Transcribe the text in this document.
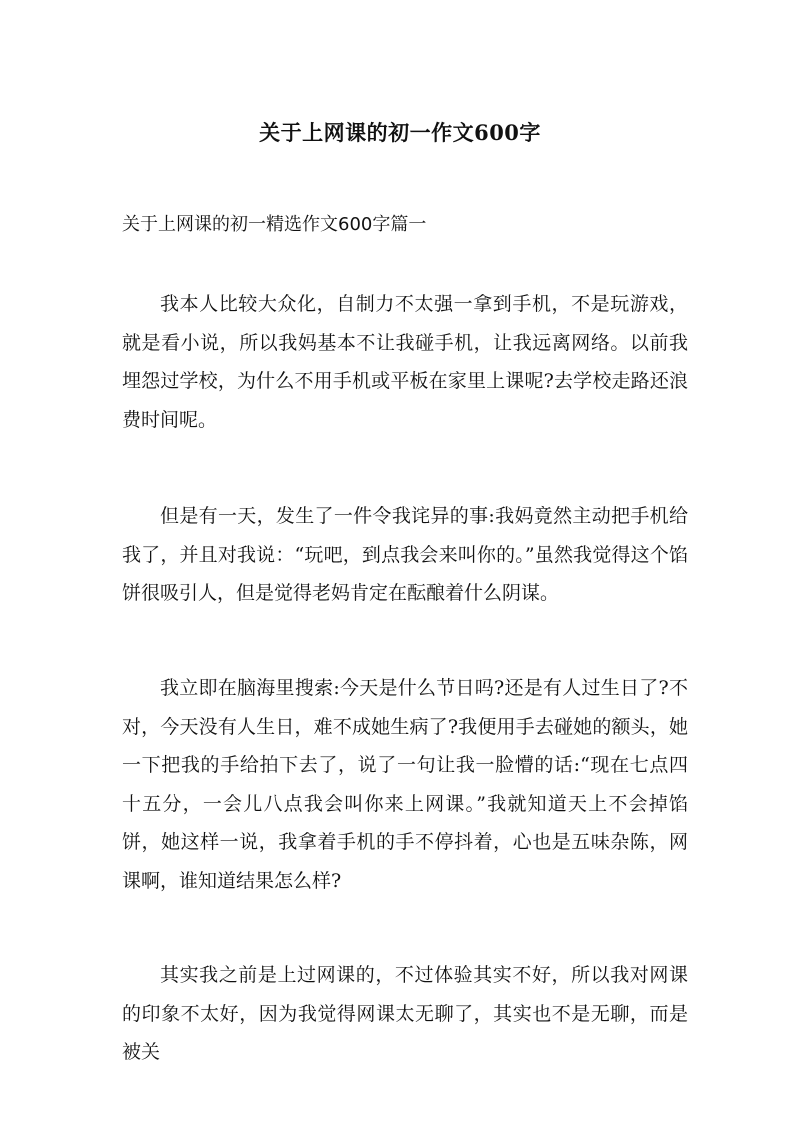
关于上网课的初一作文600字
关于上网课的初一精选作文600字篇一

我本人比较大众化，自制力不太强一拿到手机，不是玩游戏，就是看小说，所以我妈基本不让我碰手机，让我远离网络。以前我埋怨过学校，为什么不用手机或平板在家里上课呢?去学校走路还浪费时间呢。

但是有一天，发生了一件令我诧异的事:我妈竟然主动把手机给我了，并且对我说：“玩吧，到点我会来叫你的。”虽然我觉得这个馅饼很吸引人，但是觉得老妈肯定在酝酿着什么阴谋。

我立即在脑海里搜索:今天是什么节日吗?还是有人过生日了?不对，今天没有人生日，难不成她生病了?我便用手去碰她的额头，她一下把我的手给拍下去了，说了一句让我一脸懵的话:“现在七点四十五分，一会儿八点我会叫你来上网课。”我就知道天上不会掉馅饼，她这样一说，我拿着手机的手不停抖着，心也是五味杂陈，网课啊，谁知道结果怎么样?

其实我之前是上过网课的，不过体验其实不好，所以我对网课的印象不太好，因为我觉得网课太无聊了，其实也不是无聊，而是被关
